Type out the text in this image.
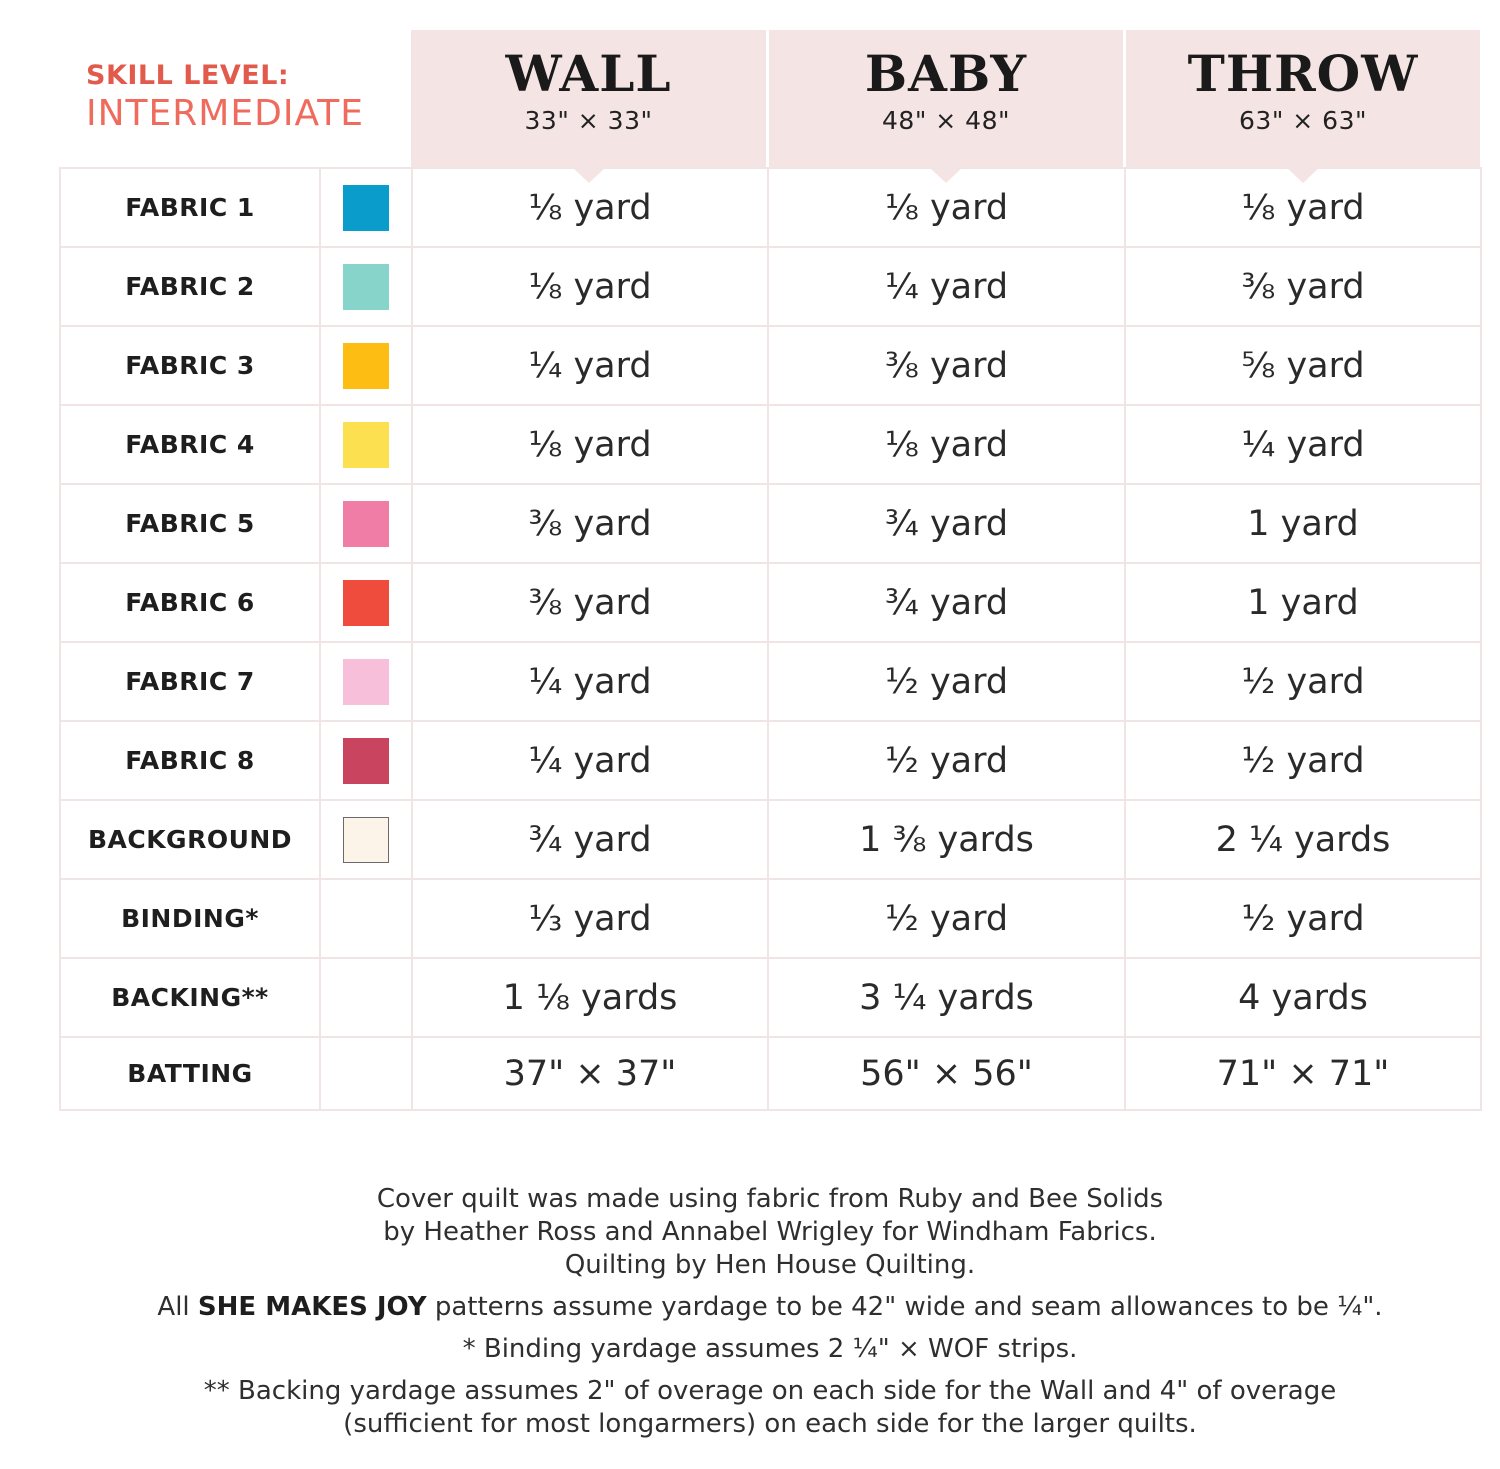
SKILL LEVEL:
INTERMEDIATE
WALL
33" × 33"
BABY
48" × 48"
THROW
63" × 63"
FABRIC 1		⅛ yard	⅛ yard	⅛ yard
FABRIC 2		⅛ yard	¼ yard	⅜ yard
FABRIC 3		¼ yard	⅜ yard	⅝ yard
FABRIC 4		⅛ yard	⅛ yard	¼ yard
FABRIC 5		⅜ yard	¾ yard	1 yard
FABRIC 6		⅜ yard	¾ yard	1 yard
FABRIC 7		¼ yard	½ yard	½ yard
FABRIC 8		¼ yard	½ yard	½ yard
BACKGROUND		¾ yard	1 ⅜ yards	2 ¼ yards
BINDING*		⅓ yard	½ yard	½ yard
BACKING**		1 ⅛ yards	3 ¼ yards	4 yards
BATTING		37" × 37"	56" × 56"	71" × 71"

Cover quilt was made using fabric from Ruby and Bee Solids

by Heather Ross and Annabel Wrigley for Windham Fabrics.

Quilting by Hen House Quilting.

All SHE MAKES JOY patterns assume yardage to be 42" wide and seam allowances to be ¼".

* Binding yardage assumes 2 ¼" × WOF strips.

** Backing yardage assumes 2" of overage on each side for the Wall and 4" of overage

(sufficient for most longarmers) on each side for the larger quilts.
